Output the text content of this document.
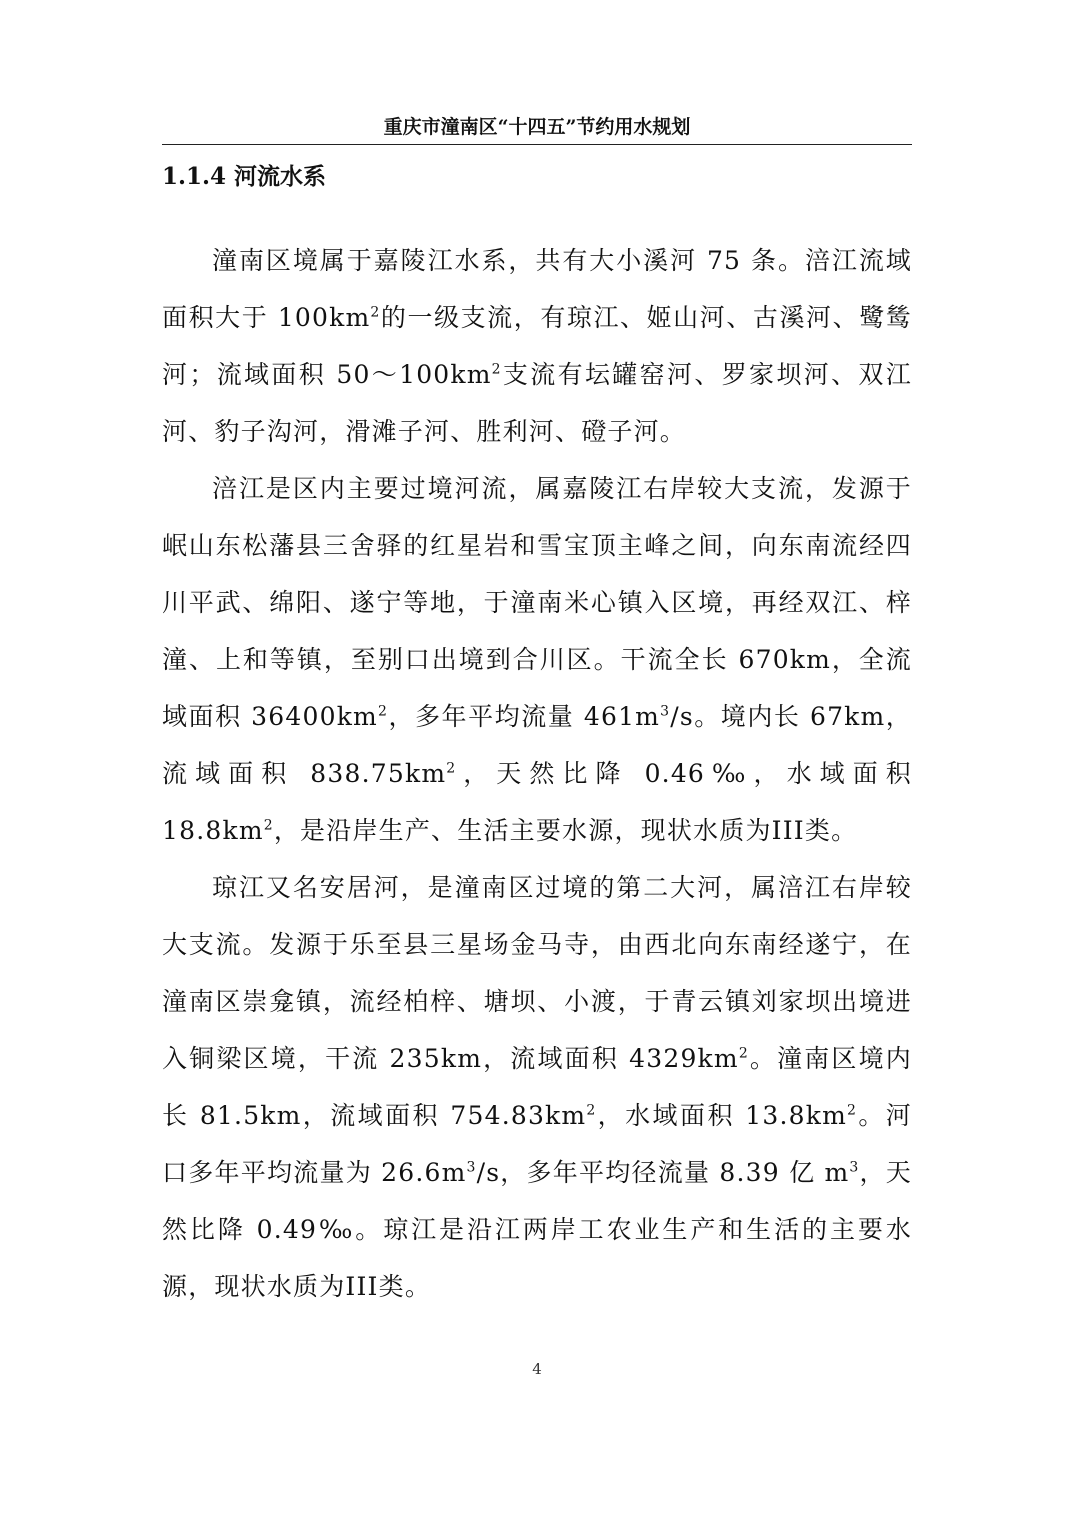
重庆市潼南区“十四五”节约用水规划
1.1.4 河流水系

潼南区境属于嘉陵江水系，共有大小溪河 75 条。涪江流域面积大于 $100km^2$的一级支流，有琼江、姬山河、古溪河、鹭鸶河；流域面积 $50\sim 100km^2$支流有坛罐窑河、罗家坝河、双江河、豹子沟河，滑滩子河、胜利河、磴子河。

涪江是区内主要过境河流，属嘉陵江右岸较大支流，发源于岷山东松藩县三舍驿的红星岩和雪宝顶主峰之间，向东南流经四川平武、绵阳、遂宁等地，于潼南米心镇入区境，再经双江、梓潼、上和等镇，至别口出境到合川区。干流全长 670km，全流域面积 $36400km^2$，多年平均流量 $461m^3/s$。境内长 67km，流域面积 $838.75km^2$，天然比降 0.46‰，水域面积 $18.8km^2$，是沿岸生产、生活主要水源，现状水质为III类。

琼江又名安居河，是潼南区过境的第二大河，属涪江右岸较大支流。发源于乐至县三星场金马寺，由西北向东南经遂宁，在潼南区崇龛镇，流经柏梓、塘坝、小渡，于青云镇刘家坝出境进入铜梁区境，干流 235km，流域面积 $4329km^2$。潼南区境内长 81.5km，流域面积 $754.83km^2$，水域面积 $13.8km^2$。河口多年平均流量为 $26.6m^3/s$，多年平均径流量 8.39 亿 $m^3$，天然比降 0.49‰。琼江是沿江两岸工农业生产和生活的主要水源，现状水质为III类。

4
